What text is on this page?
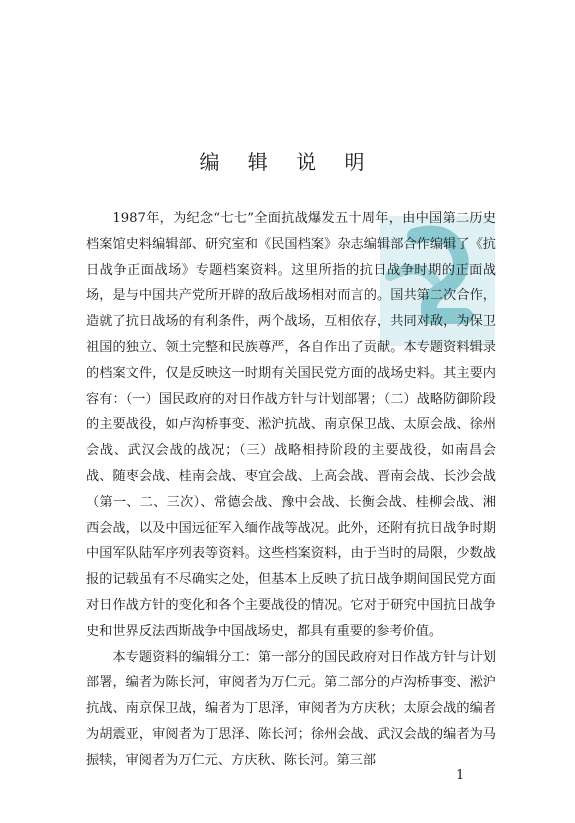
编 辑 说 明

1987年，为纪念“七七”全面抗战爆发五十周年，由中国第二历史档案馆史料编辑部、研究室和《民国档案》杂志编辑部合作编辑了《抗日战争正面战场》专题档案资料。这里所指的抗日战争时期的正面战场，是与中国共产党所开辟的敌后战场相对而言的。国共第二次合作，造就了抗日战场的有利条件，两个战场，互相依存，共同对敌，为保卫祖国的独立、领土完整和民族尊严，各自作出了贡献。本专题资料辑录的档案文件，仅是反映这一时期有关国民党方面的战场史料。其主要内容有：（一）国民政府的对日作战方针与计划部署；（二）战略防御阶段的主要战役，如卢沟桥事变、淞沪抗战、南京保卫战、太原会战、徐州会战、武汉会战的战况；（三）战略相持阶段的主要战役，如南昌会战、随枣会战、桂南会战、枣宜会战、上高会战、晋南会战、长沙会战（第一、二、三次）、常德会战、豫中会战、长衡会战、桂柳会战、湘西会战，以及中国远征军入缅作战等战况。此外，还附有抗日战争时期中国军队陆军序列表等资料。这些档案资料，由于当时的局限，少数战报的记载虽有不尽确实之处，但基本上反映了抗日战争期间国民党方面对日作战方针的变化和各个主要战役的情况。它对于研究中国抗日战争史和世界反法西斯战争中国战场史，都具有重要的参考价值。

本专题资料的编辑分工：第一部分的国民政府对日作战方针与计划部署，编者为陈长河，审阅者为万仁元。第二部分的卢沟桥事变、淞沪抗战、南京保卫战，编者为丁思泽，审阅者为方庆秋；太原会战的编者为胡震亚，审阅者为丁思泽、陈长河；徐州会战、武汉会战的编者为马振犊，审阅者为万仁元、方庆秋、陈长河。第三部

1
